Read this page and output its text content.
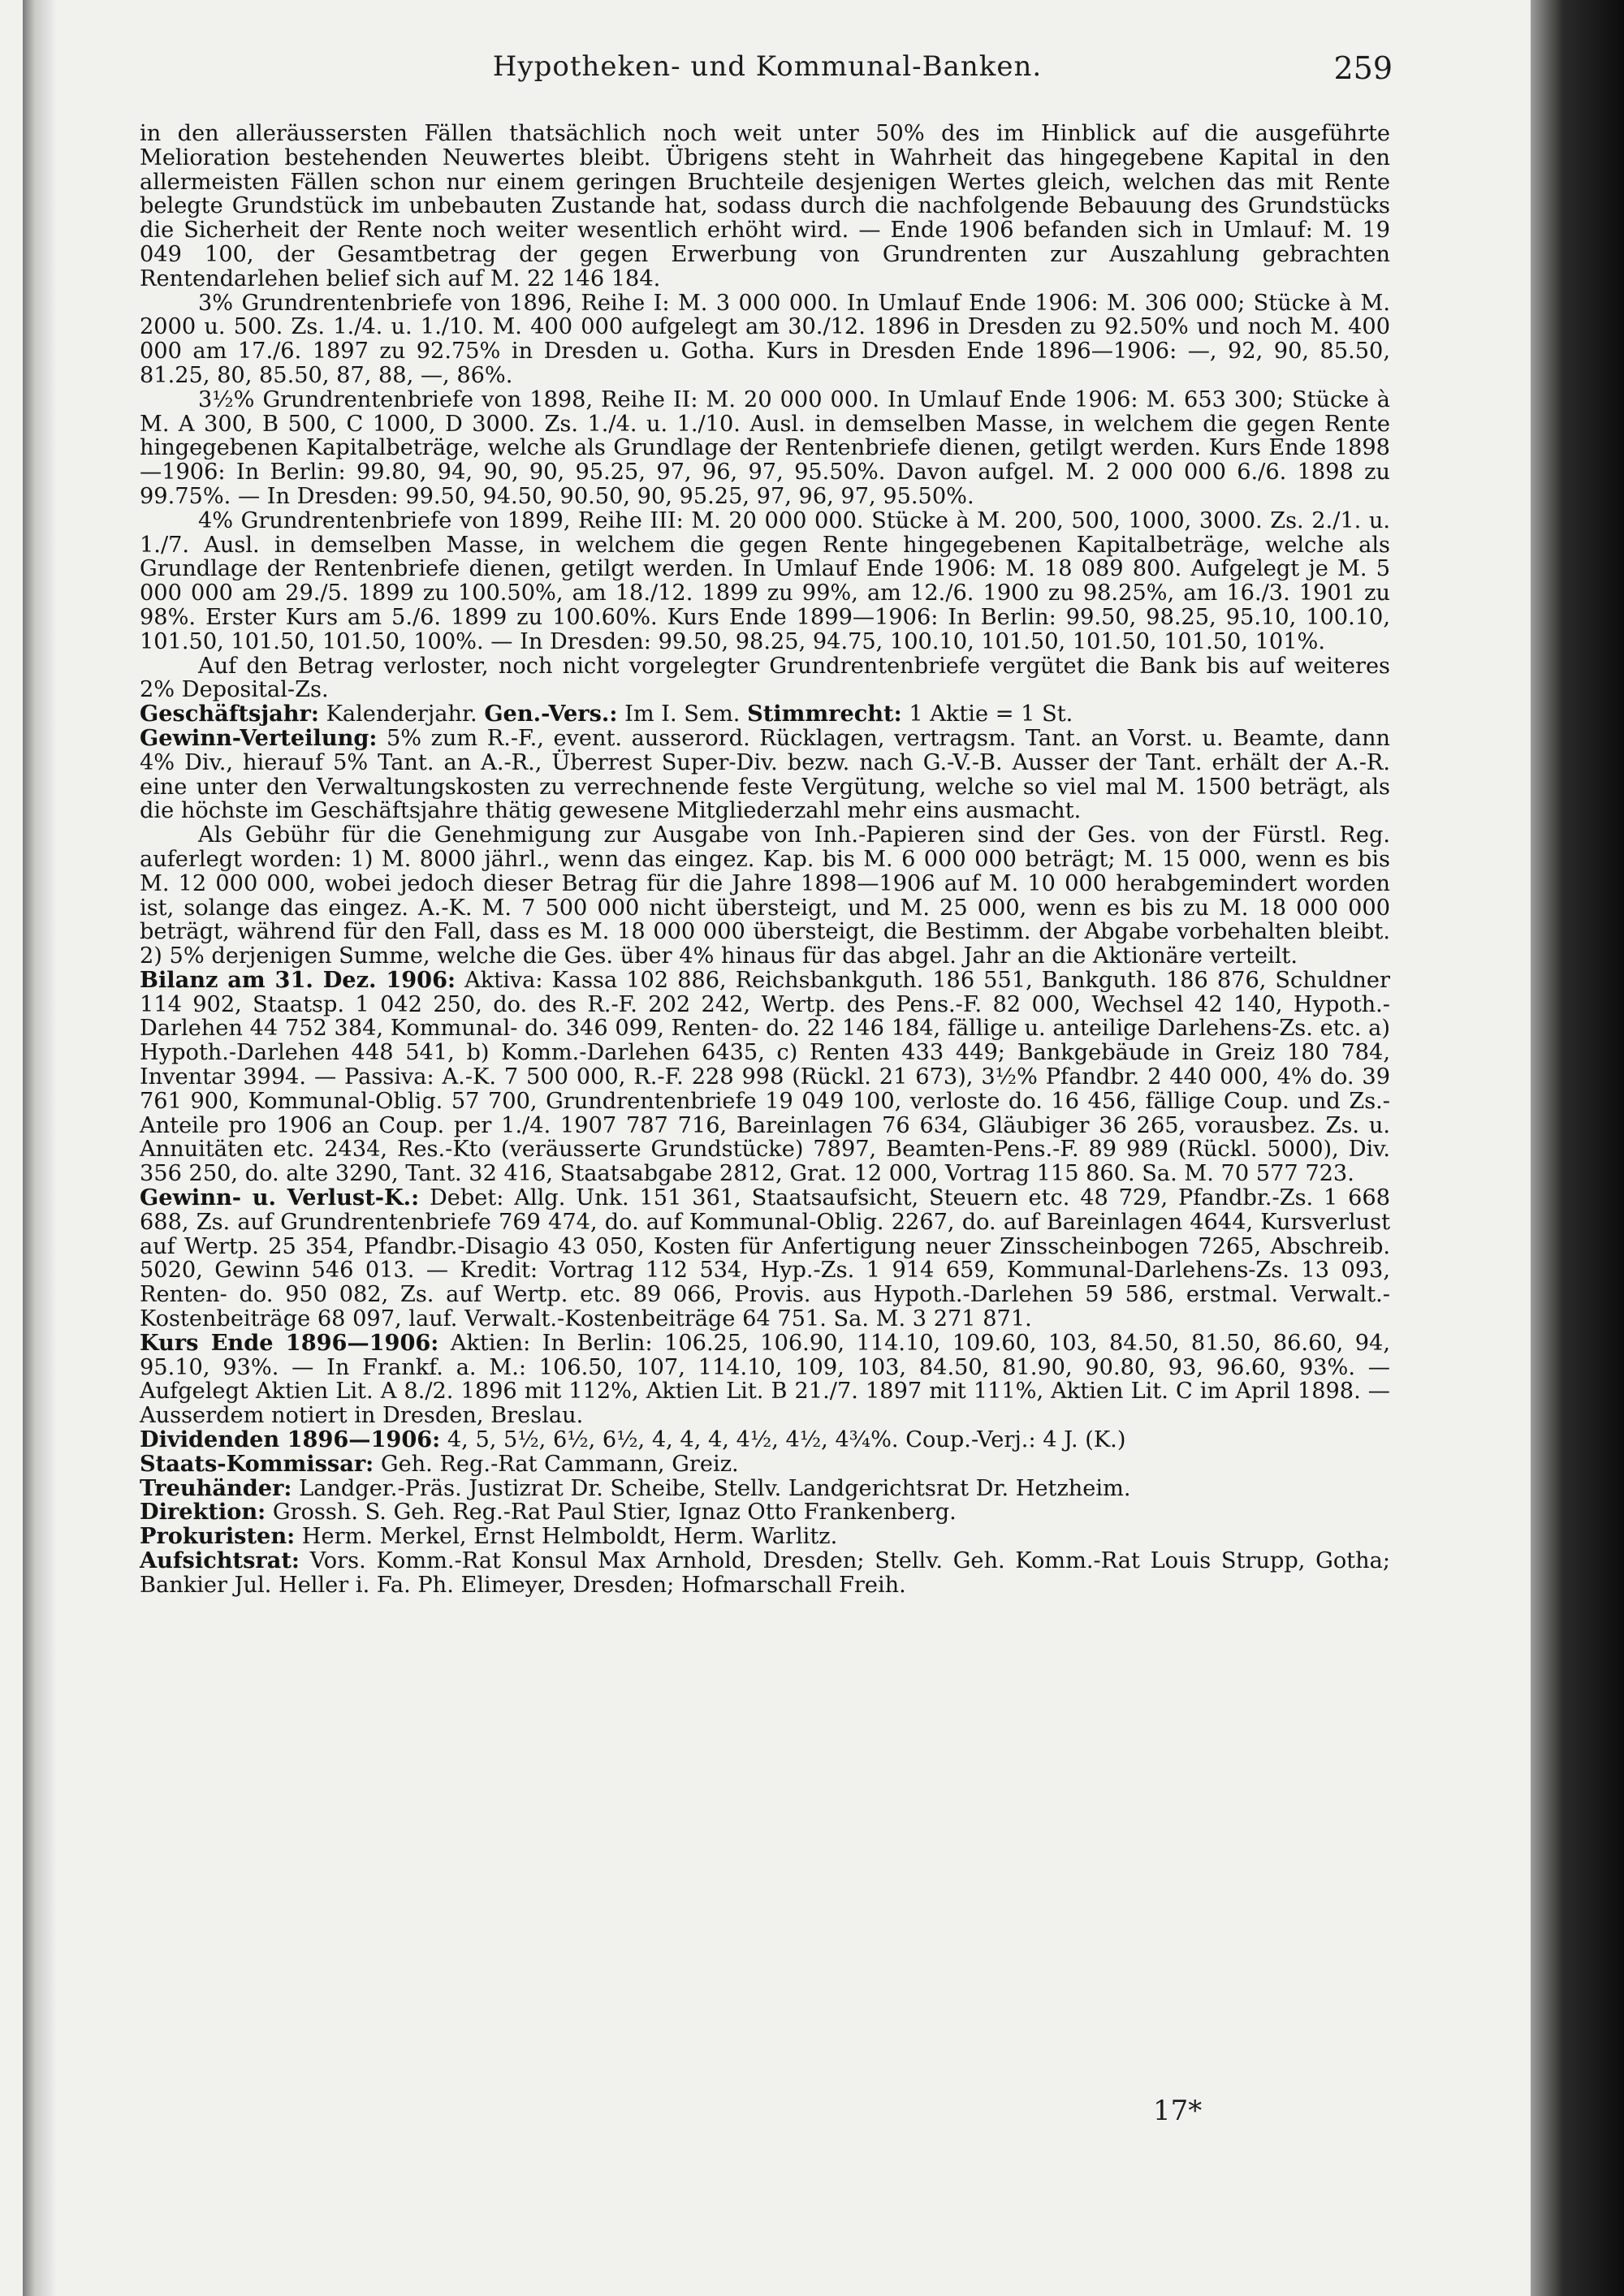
Hypotheken- und Kommunal-Banken.	259

in den alleräussersten Fällen thatsächlich noch weit unter 50% des im Hinblick auf die ausgeführte Melioration bestehenden Neuwertes bleibt. Übrigens steht in Wahrheit das hingegebene Kapital in den allermeisten Fällen schon nur einem geringen Bruchteile desjenigen Wertes gleich, welchen das mit Rente belegte Grundstück im unbebauten Zustande hat, sodass durch die nachfolgende Bebauung des Grundstücks die Sicherheit der Rente noch weiter wesentlich erhöht wird. — Ende 1906 befanden sich in Umlauf: M. 19 049 100, der Gesamtbetrag der gegen Erwerbung von Grundrenten zur Auszahlung gebrachten Rentendarlehen belief sich auf M. 22 146 184.

3% Grundrentenbriefe von 1896, Reihe I: M. 3 000 000. In Umlauf Ende 1906: M. 306 000; Stücke à M. 2000 u. 500. Zs. 1./4. u. 1./10. M. 400 000 aufgelegt am 30./12. 1896 in Dresden zu 92.50% und noch M. 400 000 am 17./6. 1897 zu 92.75% in Dresden u. Gotha. Kurs in Dresden Ende 1896—1906: —, 92, 90, 85.50, 81.25, 80, 85.50, 87, 88, —, 86%.

3½% Grundrentenbriefe von 1898, Reihe II: M. 20 000 000. In Umlauf Ende 1906: M. 653 300; Stücke à M. A 300, B 500, C 1000, D 3000. Zs. 1./4. u. 1./10. Ausl. in demselben Masse, in welchem die gegen Rente hingegebenen Kapitalbeträge, welche als Grundlage der Rentenbriefe dienen, getilgt werden. Kurs Ende 1898—1906: In Berlin: 99.80, 94, 90, 90, 95.25, 97, 96, 97, 95.50%. Davon aufgel. M. 2 000 000 6./6. 1898 zu 99.75%. — In Dresden: 99.50, 94.50, 90.50, 90, 95.25, 97, 96, 97, 95.50%.

4% Grundrentenbriefe von 1899, Reihe III: M. 20 000 000. Stücke à M. 200, 500, 1000, 3000. Zs. 2./1. u. 1./7. Ausl. in demselben Masse, in welchem die gegen Rente hingegebenen Kapitalbeträge, welche als Grundlage der Rentenbriefe dienen, getilgt werden. In Umlauf Ende 1906: M. 18 089 800. Aufgelegt je M. 5 000 000 am 29./5. 1899 zu 100.50%, am 18./12. 1899 zu 99%, am 12./6. 1900 zu 98.25%, am 16./3. 1901 zu 98%. Erster Kurs am 5./6. 1899 zu 100.60%. Kurs Ende 1899—1906: In Berlin: 99.50, 98.25, 95.10, 100.10, 101.50, 101.50, 101.50, 100%. — In Dresden: 99.50, 98.25, 94.75, 100.10, 101.50, 101.50, 101.50, 101%.

Auf den Betrag verloster, noch nicht vorgelegter Grundrentenbriefe vergütet die Bank bis auf weiteres 2% Deposital-Zs.

Geschäftsjahr: Kalenderjahr. Gen.-Vers.: Im I. Sem. Stimmrecht: 1 Aktie = 1 St.

Gewinn-Verteilung: 5% zum R.-F., event. ausserord. Rücklagen, vertragsm. Tant. an Vorst. u. Beamte, dann 4% Div., hierauf 5% Tant. an A.-R., Überrest Super-Div. bezw. nach G.-V.-B. Ausser der Tant. erhält der A.-R. eine unter den Verwaltungskosten zu verrechnende feste Vergütung, welche so viel mal M. 1500 beträgt, als die höchste im Geschäftsjahre thätig gewesene Mitgliederzahl mehr eins ausmacht.

Als Gebühr für die Genehmigung zur Ausgabe von Inh.-Papieren sind der Ges. von der Fürstl. Reg. auferlegt worden: 1) M. 8000 jährl., wenn das eingez. Kap. bis M. 6 000 000 beträgt; M. 15 000, wenn es bis M. 12 000 000, wobei jedoch dieser Betrag für die Jahre 1898—1906 auf M. 10 000 herabgemindert worden ist, solange das eingez. A.-K. M. 7 500 000 nicht übersteigt, und M. 25 000, wenn es bis zu M. 18 000 000 beträgt, während für den Fall, dass es M. 18 000 000 übersteigt, die Bestimm. der Abgabe vorbehalten bleibt. 2) 5% derjenigen Summe, welche die Ges. über 4% hinaus für das abgel. Jahr an die Aktionäre verteilt.

Bilanz am 31. Dez. 1906: Aktiva: Kassa 102 886, Reichsbankguth. 186 551, Bankguth. 186 876, Schuldner 114 902, Staatsp. 1 042 250, do. des R.-F. 202 242, Wertp. des Pens.-F. 82 000, Wechsel 42 140, Hypoth.-Darlehen 44 752 384, Kommunal- do. 346 099, Renten- do. 22 146 184, fällige u. anteilige Darlehens-Zs. etc. a) Hypoth.-Darlehen 448 541, b) Komm.-Darlehen 6435, c) Renten 433 449; Bankgebäude in Greiz 180 784, Inventar 3994. — Passiva: A.-K. 7 500 000, R.-F. 228 998 (Rückl. 21 673), 3½% Pfandbr. 2 440 000, 4% do. 39 761 900, Kommunal-Oblig. 57 700, Grundrentenbriefe 19 049 100, verloste do. 16 456, fällige Coup. und Zs.-Anteile pro 1906 an Coup. per 1./4. 1907 787 716, Bareinlagen 76 634, Gläubiger 36 265, vorausbez. Zs. u. Annuitäten etc. 2434, Res.-Kto (veräusserte Grundstücke) 7897, Beamten-Pens.-F. 89 989 (Rückl. 5000), Div. 356 250, do. alte 3290, Tant. 32 416, Staatsabgabe 2812, Grat. 12 000, Vortrag 115 860. Sa. M. 70 577 723.

Gewinn- u. Verlust-K.: Debet: Allg. Unk. 151 361, Staatsaufsicht, Steuern etc. 48 729, Pfandbr.-Zs. 1 668 688, Zs. auf Grundrentenbriefe 769 474, do. auf Kommunal-Oblig. 2267, do. auf Bareinlagen 4644, Kursverlust auf Wertp. 25 354, Pfandbr.-Disagio 43 050, Kosten für Anfertigung neuer Zinsscheinbogen 7265, Abschreib. 5020, Gewinn 546 013. — Kredit: Vortrag 112 534, Hyp.-Zs. 1 914 659, Kommunal-Darlehens-Zs. 13 093, Renten- do. 950 082, Zs. auf Wertp. etc. 89 066, Provis. aus Hypoth.-Darlehen 59 586, erstmal. Verwalt.-Kostenbeiträge 68 097, lauf. Verwalt.-Kostenbeiträge 64 751. Sa. M. 3 271 871.

Kurs Ende 1896—1906: Aktien: In Berlin: 106.25, 106.90, 114.10, 109.60, 103, 84.50, 81.50, 86.60, 94, 95.10, 93%. — In Frankf. a. M.: 106.50, 107, 114.10, 109, 103, 84.50, 81.90, 90.80, 93, 96.60, 93%. — Aufgelegt Aktien Lit. A 8./2. 1896 mit 112%, Aktien Lit. B 21./7. 1897 mit 111%, Aktien Lit. C im April 1898. — Ausserdem notiert in Dresden, Breslau.

Dividenden 1896—1906: 4, 5, 5½, 6½, 6½, 4, 4, 4, 4½, 4½, 4¾%. Coup.-Verj.: 4 J. (K.)

Staats-Kommissar: Geh. Reg.-Rat Cammann, Greiz.

Treuhänder: Landger.-Präs. Justizrat Dr. Scheibe, Stellv. Landgerichtsrat Dr. Hetzheim.

Direktion: Grossh. S. Geh. Reg.-Rat Paul Stier, Ignaz Otto Frankenberg.

Prokuristen: Herm. Merkel, Ernst Helmboldt, Herm. Warlitz.

Aufsichtsrat: Vors. Komm.-Rat Konsul Max Arnhold, Dresden; Stellv. Geh. Komm.-Rat Louis Strupp, Gotha; Bankier Jul. Heller i. Fa. Ph. Elimeyer, Dresden; Hofmarschall Freih.

17*
